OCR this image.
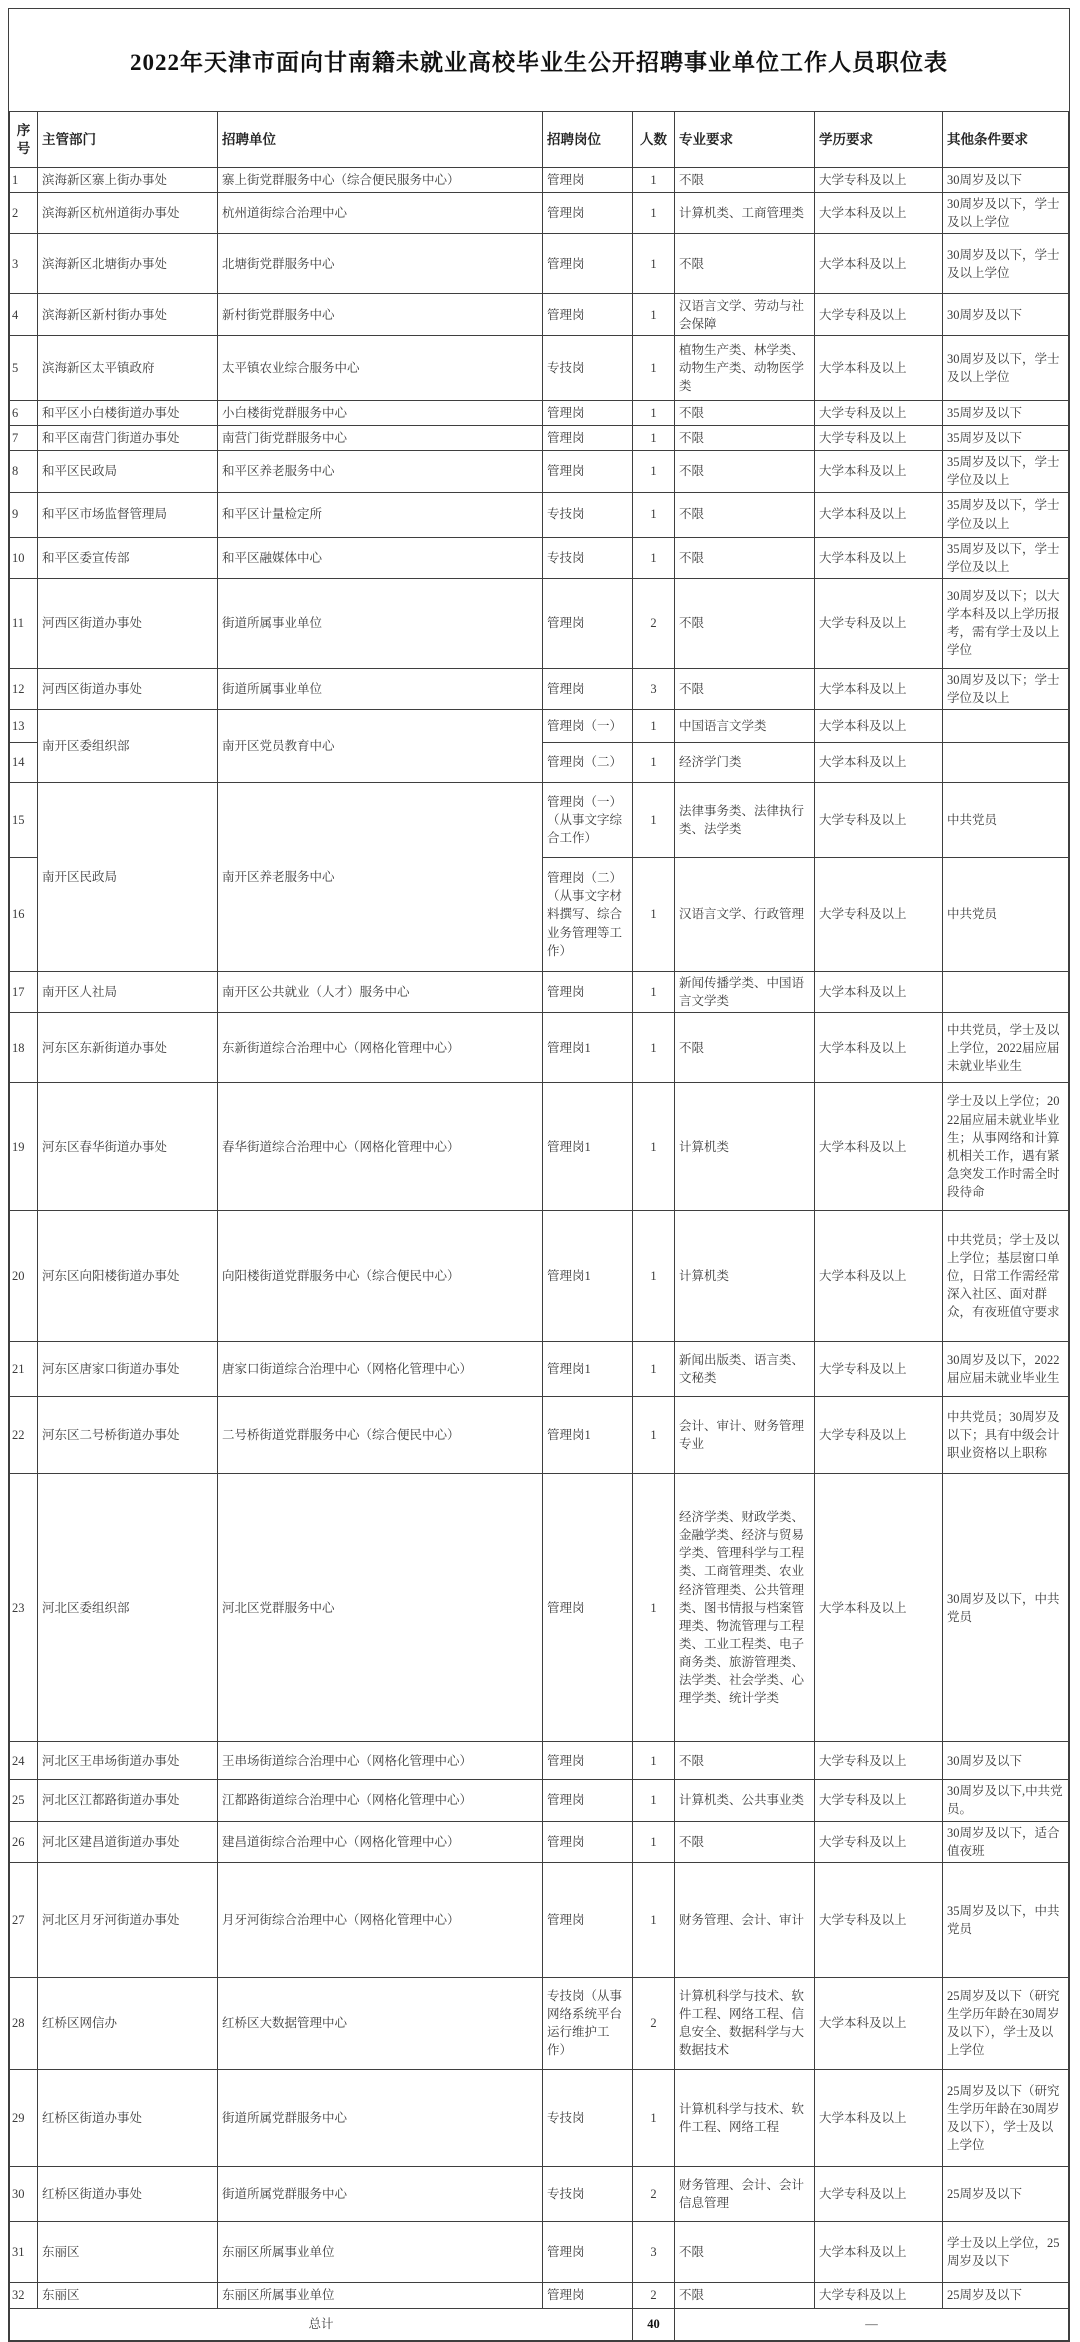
2022年天津市面向甘南籍未就业高校毕业生公开招聘事业单位工作人员职位表
序号	主管部门	招聘单位	招聘岗位	人数	专业要求	学历要求	其他条件要求
1	滨海新区寨上街办事处	寨上街党群服务中心（综合便民服务中心）	管理岗	1	不限	大学专科及以上	30周岁及以下
2	滨海新区杭州道街办事处	杭州道街综合治理中心	管理岗	1	计算机类、工商管理类	大学本科及以上	30周岁及以下，学士及以上学位
3	滨海新区北塘街办事处	北塘街党群服务中心	管理岗	1	不限	大学本科及以上	30周岁及以下，学士及以上学位
4	滨海新区新村街办事处	新村街党群服务中心	管理岗	1	汉语言文学、劳动与社会保障	大学专科及以上	30周岁及以下
5	滨海新区太平镇政府	太平镇农业综合服务中心	专技岗	1	植物生产类、林学类、动物生产类、动物医学类	大学本科及以上	30周岁及以下，学士及以上学位
6	和平区小白楼街道办事处	小白楼街党群服务中心	管理岗	1	不限	大学专科及以上	35周岁及以下
7	和平区南营门街道办事处	南营门街党群服务中心	管理岗	1	不限	大学专科及以上	35周岁及以下
8	和平区民政局	和平区养老服务中心	管理岗	1	不限	大学本科及以上	35周岁及以下，学士学位及以上
9	和平区市场监督管理局	和平区计量检定所	专技岗	1	不限	大学本科及以上	35周岁及以下，学士学位及以上
10	和平区委宣传部	和平区融媒体中心	专技岗	1	不限	大学本科及以上	35周岁及以下，学士学位及以上
11	河西区街道办事处	街道所属事业单位	管理岗	2	不限	大学专科及以上	30周岁及以下；以大学本科及以上学历报考，需有学士及以上学位
12	河西区街道办事处	街道所属事业单位	管理岗	3	不限	大学本科及以上	30周岁及以下；学士学位及以上
13	南开区委组织部	南开区党员教育中心	管理岗（一）	1	中国语言文学类	大学本科及以上	
14			管理岗（二）	1	经济学门类	大学本科及以上	
15	南开区民政局	南开区养老服务中心	管理岗（一）（从事文字综合工作）	1	法律事务类、法律执行类、法学类	大学专科及以上	中共党员
16			管理岗（二）（从事文字材料撰写、综合业务管理等工作）	1	汉语言文学、行政管理	大学专科及以上	中共党员
17	南开区人社局	南开区公共就业（人才）服务中心	管理岗	1	新闻传播学类、中国语言文学类	大学本科及以上	
18	河东区东新街道办事处	东新街道综合治理中心（网格化管理中心）	管理岗1	1	不限	大学本科及以上	中共党员，学士及以上学位，2022届应届未就业毕业生
19	河东区春华街道办事处	春华街道综合治理中心（网格化管理中心）	管理岗1	1	计算机类	大学本科及以上	学士及以上学位；2022届应届未就业毕业生；从事网络和计算机相关工作，遇有紧急突发工作时需全时段待命
20	河东区向阳楼街道办事处	向阳楼街道党群服务中心（综合便民中心）	管理岗1	1	计算机类	大学本科及以上	中共党员；学士及以上学位；基层窗口单位，日常工作需经常深入社区、面对群众，有夜班值守要求
21	河东区唐家口街道办事处	唐家口街道综合治理中心（网格化管理中心）	管理岗1	1	新闻出版类、语言类、文秘类	大学专科及以上	30周岁及以下，2022届应届未就业毕业生
22	河东区二号桥街道办事处	二号桥街道党群服务中心（综合便民中心）	管理岗1	1	会计、审计、财务管理专业	大学专科及以上	中共党员；30周岁及以下；具有中级会计职业资格以上职称
23	河北区委组织部	河北区党群服务中心	管理岗	1	经济学类、财政学类、金融学类、经济与贸易学类、管理科学与工程类、工商管理类、农业经济管理类、公共管理类、图书情报与档案管理类、物流管理与工程类、工业工程类、电子商务类、旅游管理类、法学类、社会学类、心理学类、统计学类	大学本科及以上	30周岁及以下，中共党员
24	河北区王串场街道办事处	王串场街道综合治理中心（网格化管理中心）	管理岗	1	不限	大学专科及以上	30周岁及以下
25	河北区江都路街道办事处	江都路街道综合治理中心（网格化管理中心）	管理岗	1	计算机类、公共事业类	大学专科及以上	30周岁及以下,中共党员。
26	河北区建昌道街道办事处	建昌道街综合治理中心（网格化管理中心）	管理岗	1	不限	大学专科及以上	30周岁及以下，适合值夜班
27	河北区月牙河街道办事处	月牙河街综合治理中心（网格化管理中心）	管理岗	1	财务管理、会计、审计	大学专科及以上	35周岁及以下，中共党员
28	红桥区网信办	红桥区大数据管理中心	专技岗（从事网络系统平台运行维护工作）	2	计算机科学与技术、软件工程、网络工程、信息安全、数据科学与大数据技术	大学本科及以上	25周岁及以下（研究生学历年龄在30周岁及以下），学士及以上学位
29	红桥区街道办事处	街道所属党群服务中心	专技岗	1	计算机科学与技术、软件工程、网络工程	大学本科及以上	25周岁及以下（研究生学历年龄在30周岁及以下），学士及以上学位
30	红桥区街道办事处	街道所属党群服务中心	专技岗	2	财务管理、会计、会计信息管理	大学专科及以上	25周岁及以下
31	东丽区	东丽区所属事业单位	管理岗	3	不限	大学本科及以上	学士及以上学位，25周岁及以下
32	东丽区	东丽区所属事业单位	管理岗	2	不限	大学专科及以上	25周岁及以下
总计				40	—		
